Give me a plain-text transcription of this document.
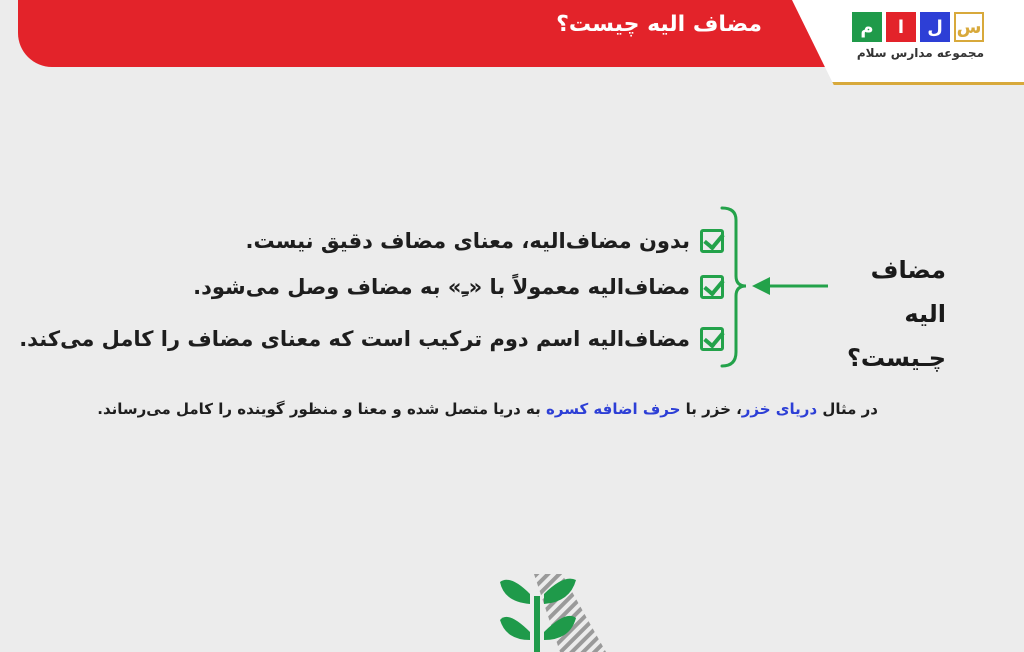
مضاف الیه چیست؟	م	ا	ل س
مجموعه مدارس سلام
مضاف الیه
چـیست؟
بدون مضاف‌الیه، معنای مضاف دقیق نیست.
مضاف‌الیه معمولاً با «ـِ» به مضاف وصل می‌شود.
مضاف‌الیه اسم دوم ترکیب است که معنای مضاف را کامل می‌کند.
در مثال دریای خزر، خزر با حرف اضافه کسره به دریا متصل شده و معنا و منظور گوینده را کامل می‌رساند.
